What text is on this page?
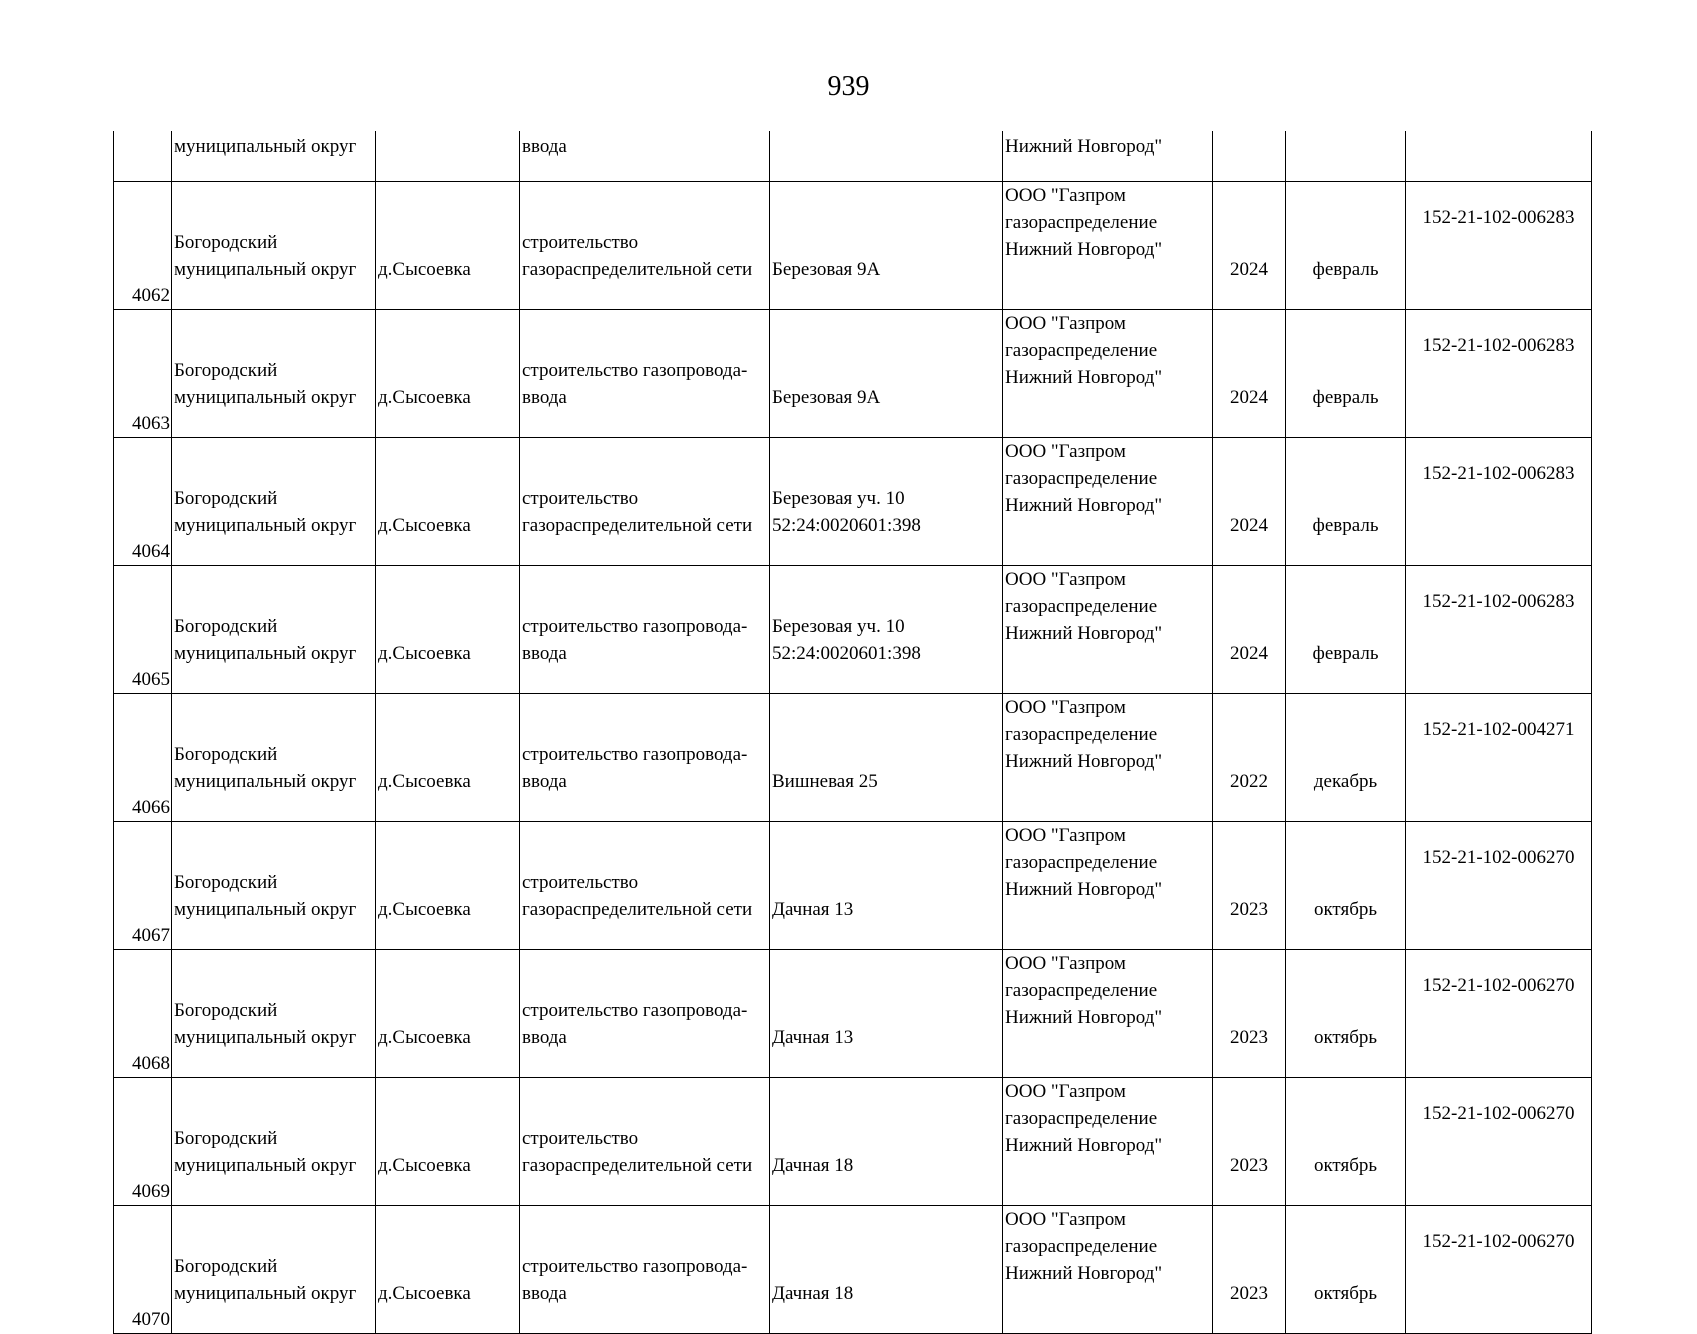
939
	муниципальный округ		ввода		Нижний Новгород"			
4062	Богородский
муниципальный округ	д.Сысоевка	строительство
газораспределительной сети	Березовая 9А	ООО "Газпром
газораспределение
Нижний Новгород"	2024	февраль	152-21-102-006283
4063	Богородский
муниципальный округ	д.Сысоевка	строительство газопровода-
ввода	Березовая 9А	ООО "Газпром
газораспределение
Нижний Новгород"	2024	февраль	152-21-102-006283
4064	Богородский
муниципальный округ	д.Сысоевка	строительство
газораспределительной сети	Березовая уч. 10
52:24:0020601:398	ООО "Газпром
газораспределение
Нижний Новгород"	2024	февраль	152-21-102-006283
4065	Богородский
муниципальный округ	д.Сысоевка	строительство газопровода-
ввода	Березовая уч. 10
52:24:0020601:398	ООО "Газпром
газораспределение
Нижний Новгород"	2024	февраль	152-21-102-006283
4066	Богородский
муниципальный округ	д.Сысоевка	строительство газопровода-
ввода	Вишневая 25	ООО "Газпром
газораспределение
Нижний Новгород"	2022	декабрь	152-21-102-004271
4067	Богородский
муниципальный округ	д.Сысоевка	строительство
газораспределительной сети	Дачная 13	ООО "Газпром
газораспределение
Нижний Новгород"	2023	октябрь	152-21-102-006270
4068	Богородский
муниципальный округ	д.Сысоевка	строительство газопровода-
ввода	Дачная 13	ООО "Газпром
газораспределение
Нижний Новгород"	2023	октябрь	152-21-102-006270
4069	Богородский
муниципальный округ	д.Сысоевка	строительство
газораспределительной сети	Дачная 18	ООО "Газпром
газораспределение
Нижний Новгород"	2023	октябрь	152-21-102-006270
4070	Богородский
муниципальный округ	д.Сысоевка	строительство газопровода-
ввода	Дачная 18	ООО "Газпром
газораспределение
Нижний Новгород"	2023	октябрь	152-21-102-006270
